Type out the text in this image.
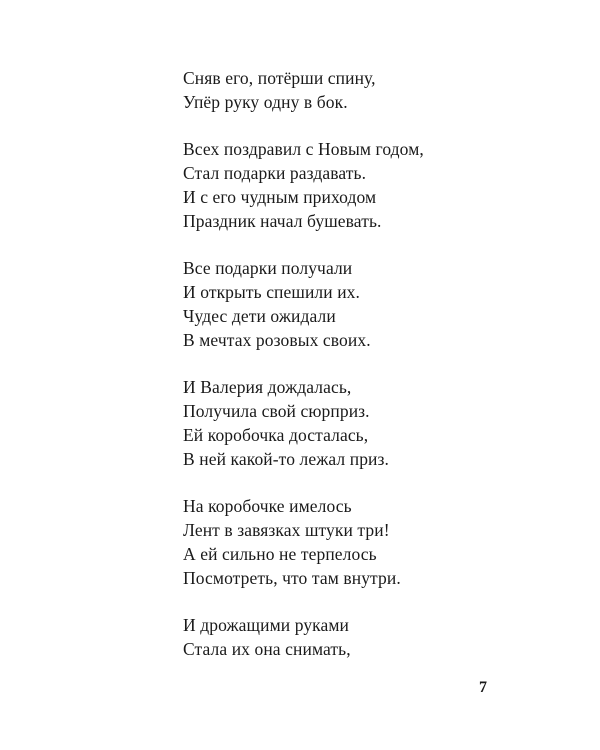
Сняв его, потёрши спину,
Упёр руку одну в бок.
Всех поздравил с Новым годом,
Стал подарки раздавать.
И с его чудным приходом
Праздник начал бушевать.
Все подарки получали
И открыть спешили их.
Чудес дети ожидали
В мечтах розовых своих.
И Валерия дождалась,
Получила свой сюрприз.
Ей коробочка досталась,
В ней какой-то лежал приз.
На коробочке имелось
Лент в завязках штуки три!
А ей сильно не терпелось
Посмотреть, что там внутри.
И дрожащими руками
Стала их она снимать,
7
